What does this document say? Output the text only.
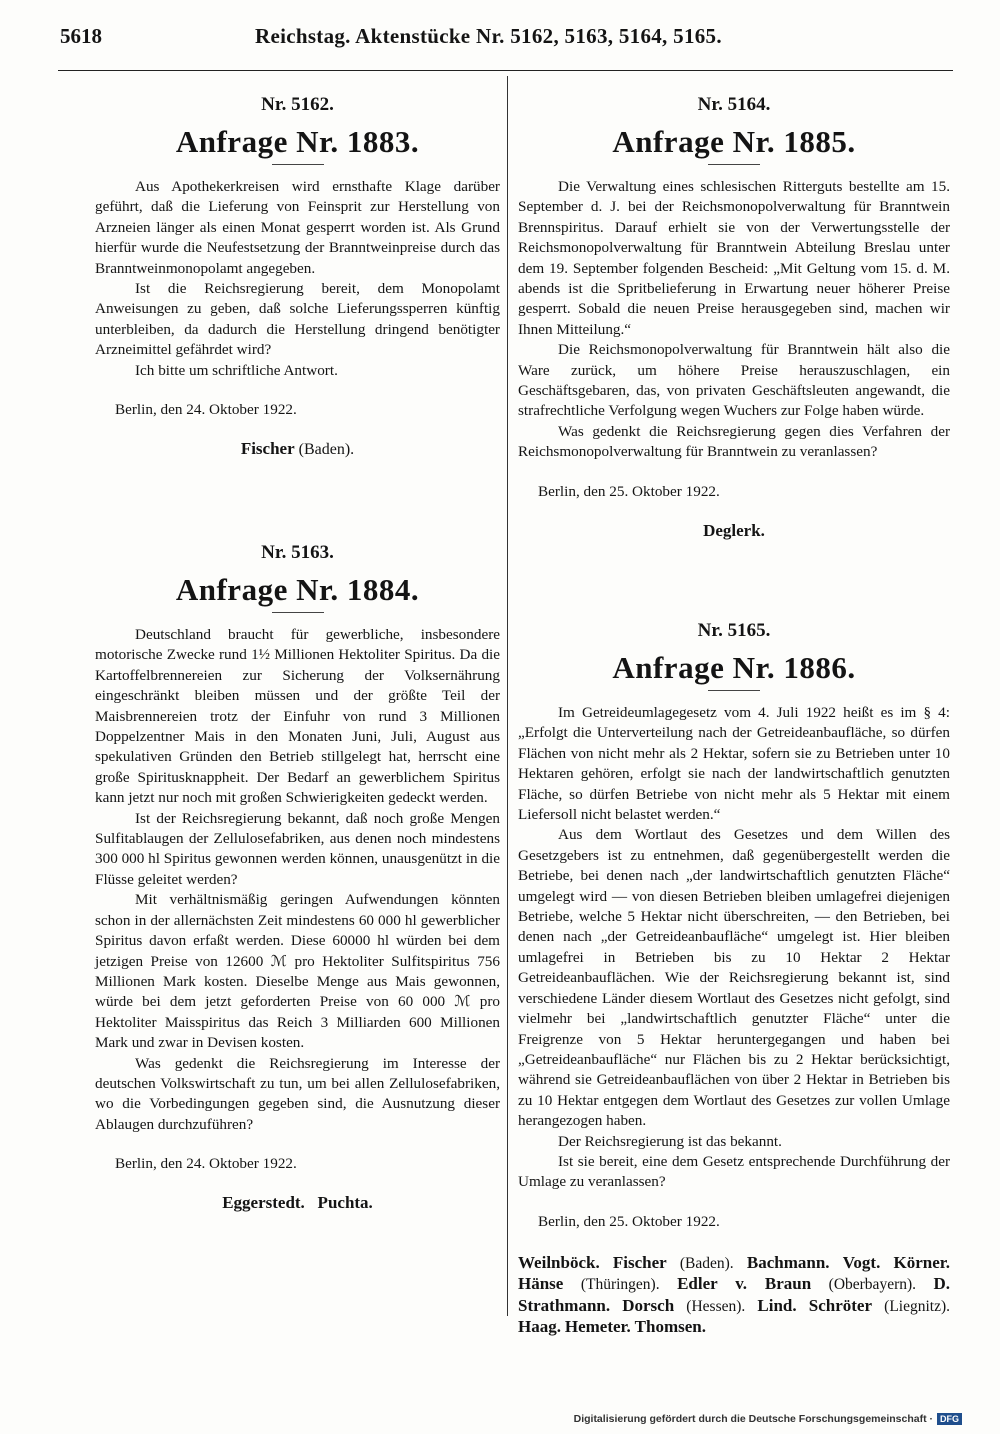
5618	Reichstag. Aktenstücke Nr. 5162, 5163, 5164, 5165.

Nr. 5162.

Anfrage Nr. 1883.

Aus Apothekerkreisen wird ernsthafte Klage darüber geführt, daß die Lieferung von Feinsprit zur Herstellung von Arzneien länger als einen Monat gesperrt worden ist. Als Grund hierfür wurde die Neufestsetzung der Branntweinpreise durch das Branntweinmonopolamt angegeben.

Ist die Reichsregierung bereit, dem Monopolamt Anweisungen zu geben, daß solche Lieferungssperren künftig unterbleiben, da dadurch die Herstellung dringend benötigter Arzneimittel gefährdet wird?

Ich bitte um schriftliche Antwort.

Berlin, den 24. Oktober 1922.
Fischer (Baden).

Nr. 5163.

Anfrage Nr. 1884.

Deutschland braucht für gewerbliche, insbesondere motorische Zwecke rund 1½ Millionen Hektoliter Spiritus. Da die Kartoffelbrennereien zur Sicherung der Volksernährung eingeschränkt bleiben müssen und der größte Teil der Maisbrennereien trotz der Einfuhr von rund 3 Millionen Doppelzentner Mais in den Monaten Juni, Juli, August aus spekulativen Gründen den Betrieb stillgelegt hat, herrscht eine große Spiritusknappheit. Der Bedarf an gewerblichem Spiritus kann jetzt nur noch mit großen Schwierigkeiten gedeckt werden.

Ist der Reichsregierung bekannt, daß noch große Mengen Sulfitablaugen der Zellulosefabriken, aus denen noch mindestens 300 000 hl Spiritus gewonnen werden können, unausgenützt in die Flüsse geleitet werden?

Mit verhältnismäßig geringen Aufwendungen könnten schon in der allernächsten Zeit mindestens 60 000 hl gewerblicher Spiritus davon erfaßt werden. Diese 60000 hl würden bei dem jetzigen Preise von 12600 ℳ pro Hektoliter Sulfitspiritus 756 Millionen Mark kosten. Dieselbe Menge aus Mais gewonnen, würde bei dem jetzt geforderten Preise von 60 000 ℳ pro Hektoliter Maisspiritus das Reich 3 Milliarden 600 Millionen Mark und zwar in Devisen kosten.

Was gedenkt die Reichsregierung im Interesse der deutschen Volkswirtschaft zu tun, um bei allen Zellulosefabriken, wo die Vorbedingungen gegeben sind, die Ausnutzung dieser Ablaugen durchzuführen?

Berlin, den 24. Oktober 1922.
Eggerstedt.   Puchta.

Nr. 5164.

Anfrage Nr. 1885.

Die Verwaltung eines schlesischen Ritterguts bestellte am 15. September d. J. bei der Reichsmonopolverwaltung für Branntwein Brennspiritus. Darauf erhielt sie von der Verwertungsstelle der Reichsmonopolverwaltung für Branntwein Abteilung Breslau unter dem 19. September folgenden Bescheid: „Mit Geltung vom 15. d. M. abends ist die Spritbelieferung in Erwartung neuer höherer Preise gesperrt. Sobald die neuen Preise herausgegeben sind, machen wir Ihnen Mitteilung.“

Die Reichsmonopolverwaltung für Branntwein hält also die Ware zurück, um höhere Preise herauszuschlagen, ein Geschäftsgebaren, das, von privaten Geschäftsleuten angewandt, die strafrechtliche Verfolgung wegen Wuchers zur Folge haben würde.

Was gedenkt die Reichsregierung gegen dies Verfahren der Reichsmonopolverwaltung für Branntwein zu veranlassen?

Berlin, den 25. Oktober 1922.
Deglerk.

Nr. 5165.

Anfrage Nr. 1886.

Im Getreideumlagegesetz vom 4. Juli 1922 heißt es im § 4: „Erfolgt die Unterverteilung nach der Getreideanbaufläche, so dürfen Flächen von nicht mehr als 2 Hektar, sofern sie zu Betrieben unter 10 Hektaren gehören, erfolgt sie nach der landwirtschaftlich genutzten Fläche, so dürfen Betriebe von nicht mehr als 5 Hektar mit einem Liefersoll nicht belastet werden.“

Aus dem Wortlaut des Gesetzes und dem Willen des Gesetzgebers ist zu entnehmen, daß gegenübergestellt werden die Betriebe, bei denen nach „der landwirtschaftlich genutzten Fläche“ umgelegt wird — von diesen Betrieben bleiben umlagefrei diejenigen Betriebe, welche 5 Hektar nicht überschreiten, — den Betrieben, bei denen nach „der Getreideanbaufläche“ umgelegt ist. Hier bleiben umlagefrei in Betrieben bis zu 10 Hektar 2 Hektar Getreideanbauflächen. Wie der Reichsregierung bekannt ist, sind verschiedene Länder diesem Wortlaut des Gesetzes nicht gefolgt, sind vielmehr bei „landwirtschaftlich genutzter Fläche“ unter die Freigrenze von 5 Hektar heruntergegangen und haben bei „Getreideanbaufläche“ nur Flächen bis zu 2 Hektar berücksichtigt, während sie Getreideanbauflächen von über 2 Hektar in Betrieben bis zu 10 Hektar entgegen dem Wortlaut des Gesetzes zur vollen Umlage herangezogen haben.

Der Reichsregierung ist das bekannt.

Ist sie bereit, eine dem Gesetz entsprechende Durchführung der Umlage zu veranlassen?

Berlin, den 25. Oktober 1922.
Weilnböck. Fischer (Baden). Bachmann. Vogt. Körner. Hänse (Thüringen). Edler v. Braun (Oberbayern). D. Strathmann. Dorsch (Hessen). Lind. Schröter (Liegnitz). Haag. Hemeter. Thomsen.
Digitalisierung gefördert durch die Deutsche Forschungsgemeinschaft · DFG
